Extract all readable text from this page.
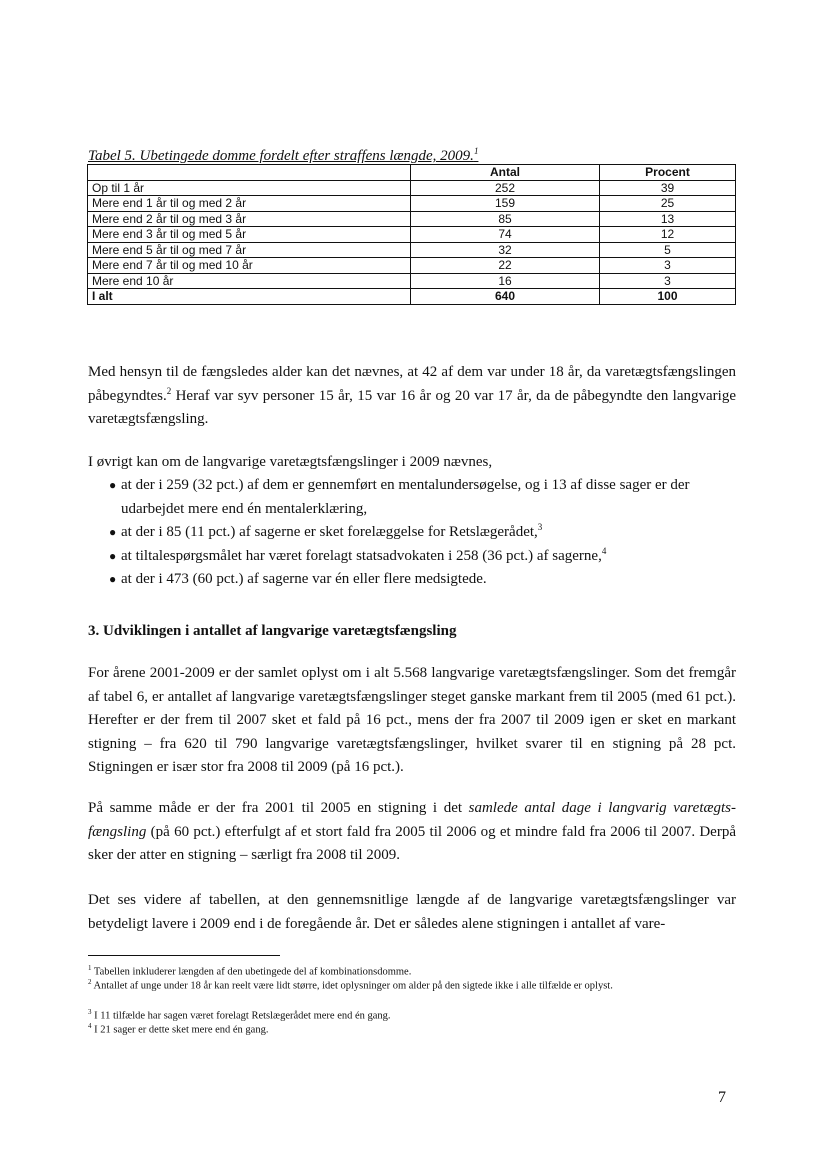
Tabel 5. Ubetingede domme fordelt efter straffens længde, 2009.$^1$
	Antal	Procent
Op til 1 år	252	39
Mere end 1 år til og med 2 år	159	25
Mere end 2 år til og med 3 år	85	13
Mere end 3 år til og med 5 år	74	12
Mere end 5 år til og med 7 år	32	5
Mere end 7 år til og med 10 år	22	3
Mere end 10 år	16	3
I alt	640	100
Med hensyn til de fængsledes alder kan det nævnes, at 42 af dem var under 18 år, da varetægtsfængslingen påbegyndtes.$^2$ Heraf var syv personer 15 år, 15 var 16 år og 20 var 17 år, da de påbegyndte den langvarige varetægtsfængsling.
I øvrigt kan om de langvarige varetægtsfængslinger i 2009 nævnes,
● at der i 259 (32 pct.) af dem er gennemført en mentalundersøgelse, og i 13 af disse sager er der udarbejdet mere end én mentalerklæring,
● at der i 85 (11 pct.) af sagerne er sket forelæggelse for Retslægerådet,$^3$
● at tiltalespørgsmålet har været forelagt statsadvokaten i 258 (36 pct.) af sagerne,$^4$
● at der i 473 (60 pct.) af sagerne var én eller flere medsigtede.
3. Udviklingen i antallet af langvarige varetægtsfængsling
For årene 2001-2009 er der samlet oplyst om i alt 5.568 langvarige varetægtsfængslinger. Som det fremgår af tabel 6, er antallet af langvarige varetægtsfængslinger steget ganske markant frem til 2005 (med 61 pct.). Herefter er der frem til 2007 sket et fald på 16 pct., mens der fra 2007 til 2009 igen er sket en markant stigning – fra 620 til 790 langvarige varetægtsfængslinger, hvilket svarer til en stigning på 28 pct. Stigningen er især stor fra 2008 til 2009 (på 16 pct.).
På samme måde er der fra 2001 til 2005 en stigning i det samlede antal dage i langvarig varetægtsfængsling (på 60 pct.) efterfulgt af et stort fald fra 2005 til 2006 og et mindre fald fra 2006 til 2007. Derpå sker der atter en stigning – særligt fra 2008 til 2009.
Det ses videre af tabellen, at den gennemsnitlige længde af de langvarige varetægtsfængslinger var betydeligt lavere i 2009 end i de foregående år. Det er således alene stigningen i antallet af vare-
$^1$ Tabellen inkluderer længden af den ubetingede del af kombinationsdomme.
$^2$ Antallet af unge under 18 år kan reelt være lidt større, idet oplysninger om alder på den sigtede ikke i alle tilfælde er oplyst.
$^3$ I 11 tilfælde har sagen været forelagt Retslægerådet mere end én gang.
$^4$ I 21 sager er dette sket mere end én gang.
7
